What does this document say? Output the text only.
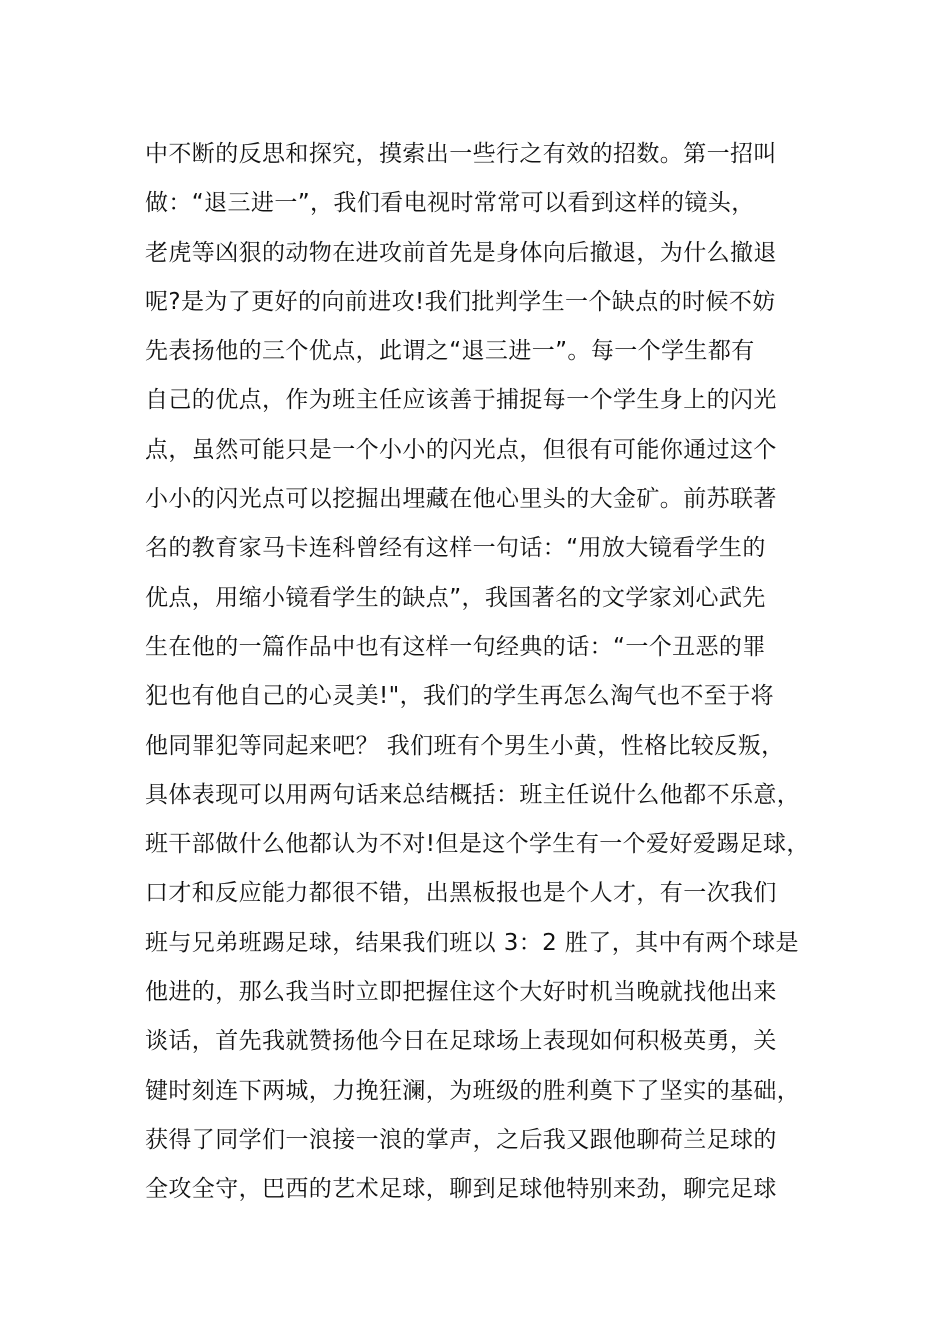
中不断的反思和探究，摸索出一些行之有效的招数。第一招叫
做：“退三进一”，我们看电视时常常可以看到这样的镜头，
老虎等凶狠的动物在进攻前首先是身体向后撤退，为什么撤退
呢?是为了更好的向前进攻!我们批判学生一个缺点的时候不妨
先表扬他的三个优点，此谓之“退三进一”。每一个学生都有
自己的优点，作为班主任应该善于捕捉每一个学生身上的闪光
点，虽然可能只是一个小小的闪光点，但很有可能你通过这个
小小的闪光点可以挖掘出埋藏在他心里头的大金矿。前苏联著
名的教育家马卡连科曾经有这样一句话：“用放大镜看学生的
优点，用缩小镜看学生的缺点”，我国著名的文学家刘心武先
生在他的一篇作品中也有这样一句经典的话：“一个丑恶的罪
犯也有他自己的心灵美!"，我们的学生再怎么淘气也不至于将
他同罪犯等同起来吧？ 我们班有个男生小黄，性格比较反叛，
具体表现可以用两句话来总结概括：班主任说什么他都不乐意，
班干部做什么他都认为不对!但是这个学生有一个爱好爱踢足球，
口才和反应能力都很不错，出黑板报也是个人才，有一次我们
班与兄弟班踢足球，结果我们班以 3：2 胜了，其中有两个球是
他进的，那么我当时立即把握住这个大好时机当晚就找他出来
谈话，首先我就赞扬他今日在足球场上表现如何积极英勇，关
键时刻连下两城，力挽狂澜，为班级的胜利奠下了坚实的基础，
获得了同学们一浪接一浪的掌声，之后我又跟他聊荷兰足球的
全攻全守，巴西的艺术足球，聊到足球他特别来劲，聊完足球
